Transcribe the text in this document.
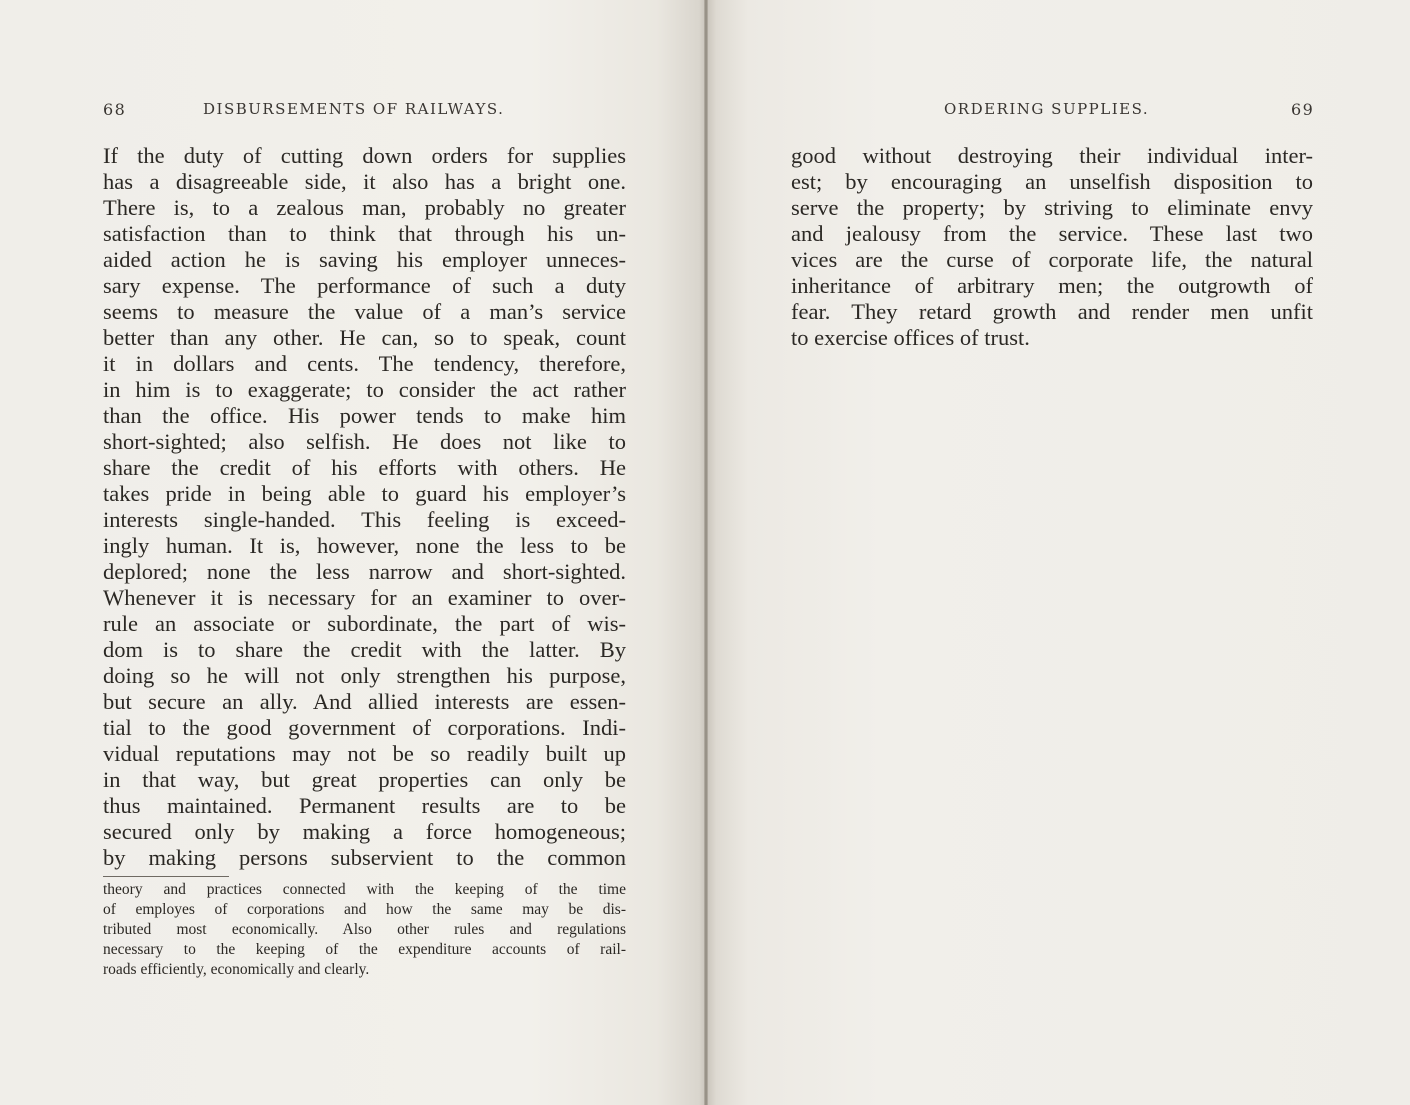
68	DISBURSEMENTS OF RAILWAYS.
If the duty of cutting down orders for supplies
has a disagreeable side, it also has a bright one.
There is, to a zealous man, probably no greater
satisfaction than to think that through his un-
aided action he is saving his employer unneces-
sary expense. The performance of such a duty
seems to measure the value of a man’s service
better than any other. He can, so to speak, count
it in dollars and cents. The tendency, therefore,
in him is to exaggerate; to consider the act rather
than the office. His power tends to make him
short-sighted; also selfish. He does not like to
share the credit of his efforts with others. He
takes pride in being able to guard his employer’s
interests single-handed. This feeling is exceed-
ingly human. It is, however, none the less to be
deplored; none the less narrow and short-sighted.
Whenever it is necessary for an examiner to over-
rule an associate or subordinate, the part of wis-
dom is to share the credit with the latter. By
doing so he will not only strengthen his purpose,
but secure an ally. And allied interests are essen-
tial to the good government of corporations. Indi-
vidual reputations may not be so readily built up
in that way, but great properties can only be
thus maintained. Permanent results are to be
secured only by making a force homogeneous;
by making persons subservient to the common
theory and practices connected with the keeping of the time
of employes of corporations and how the same may be dis-
tributed most economically. Also other rules and regulations
necessary to the keeping of the expenditure accounts of rail-
roads efficiently, economically and clearly.
ORDERING SUPPLIES.	69
good without destroying their individual inter-
est; by encouraging an unselfish disposition to
serve the property; by striving to eliminate envy
and jealousy from the service. These last two
vices are the curse of corporate life, the natural
inheritance of arbitrary men; the outgrowth of
fear. They retard growth and render men unfit
to exercise offices of trust.
